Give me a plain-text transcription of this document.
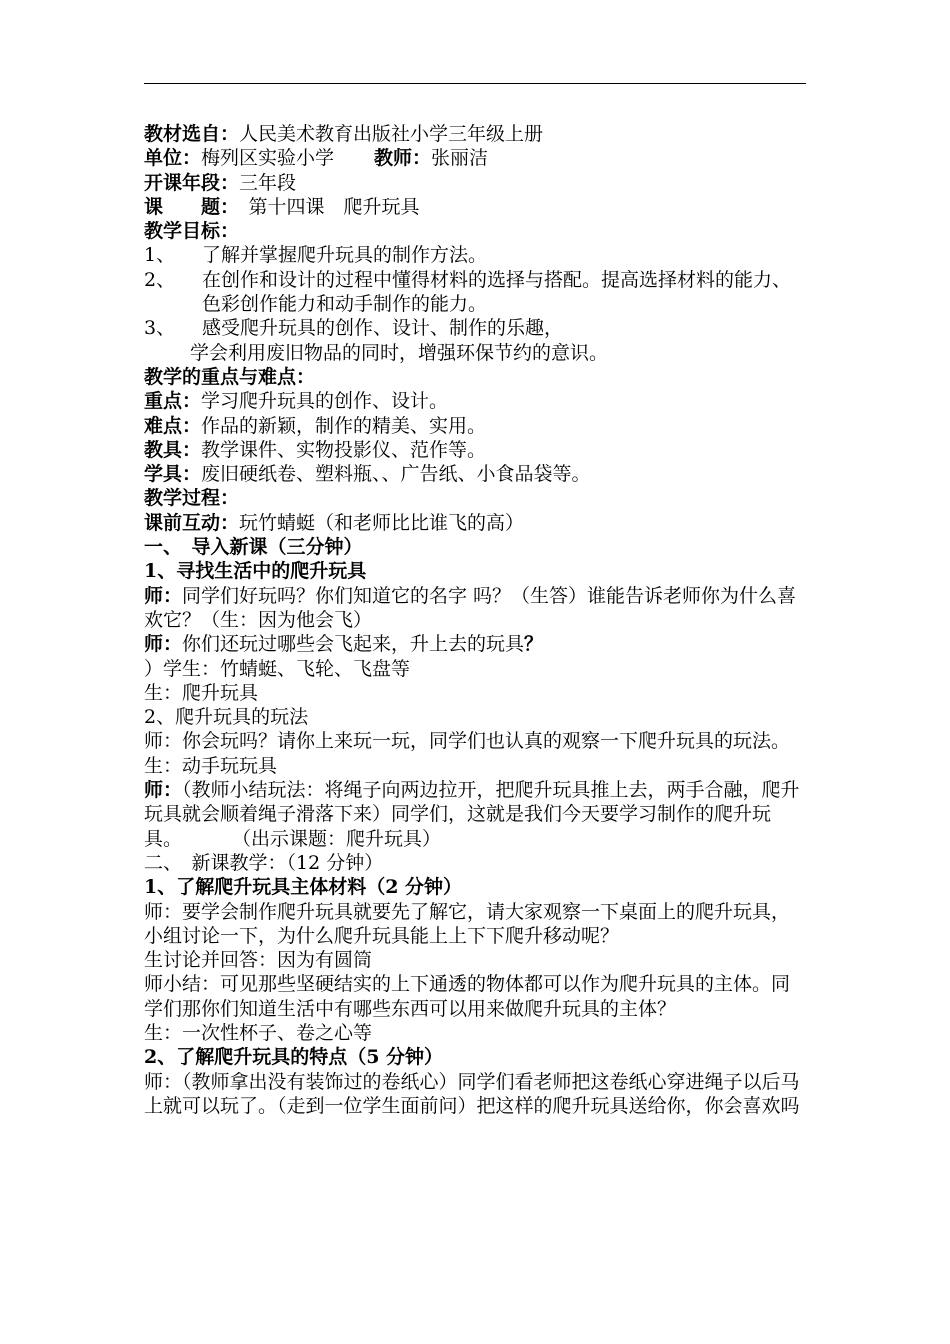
教材选自：人民美术教育出版社小学三年级上册

单位：梅列区实验小学 教师：张丽洁

开课年段：三年段

课　　题：　第十四课　爬升玩具

教学目标：

1、	了解并掌握爬升玩具的制作方法。
2、	在创作和设计的过程中懂得材料的选择与搭配。提高选择材料的能力、色彩创作能力和动手制作的能力。
3、	感受爬升玩具的创作、设计、制作的乐趣，

学会利用废旧物品的同时，增强环保节约的意识。

教学的重点与难点：

重点：学习爬升玩具的创作、设计。

难点：作品的新颖，制作的精美、实用。

教具：教学课件、实物投影仪、范作等。

学具：废旧硬纸卷、塑料瓶、、广告纸、小食品袋等。

教学过程：

课前互动：玩竹蜻蜓（和老师比比谁飞的高）

一、　导入新课（三分钟）

1、寻找生活中的爬升玩具

师：同学们好玩吗？你们知道它的名字 吗？（生答）谁能告诉老师你为什么喜欢它？（生：因为他会飞）

师：你们还玩过哪些会飞起来，升上去的玩具？

）学生：竹蜻蜓、飞轮、飞盘等

生：爬升玩具

2、爬升玩具的玩法

师：你会玩吗？请你上来玩一玩，同学们也认真的观察一下爬升玩具的玩法。

生：动手玩玩具

师：（教师小结玩法：将绳子向两边拉开，把爬升玩具推上去，两手合融，爬升玩具就会顺着绳子滑落下来）同学们，这就是我们今天要学习制作的爬升玩具。	（出示课题：爬升玩具）

二、　新课教学：（12 分钟）

1、了解爬升玩具主体材料（2 分钟）

师：要学会制作爬升玩具就要先了解它，请大家观察一下桌面上的爬升玩具，小组讨论一下，为什么爬升玩具能上上下下爬升移动呢？

生讨论并回答：因为有圆筒

师小结：可见那些坚硬结实的上下通透的物体都可以作为爬升玩具的主体。同学们那你们知道生活中有哪些东西可以用来做爬升玩具的主体？

生：一次性杯子、卷之心等

2、了解爬升玩具的特点（5 分钟）

师：（教师拿出没有装饰过的卷纸心）同学们看老师把这卷纸心穿进绳子以后马上就可以玩了。（走到一位学生面前问）把这样的爬升玩具送给你，你会喜欢吗
